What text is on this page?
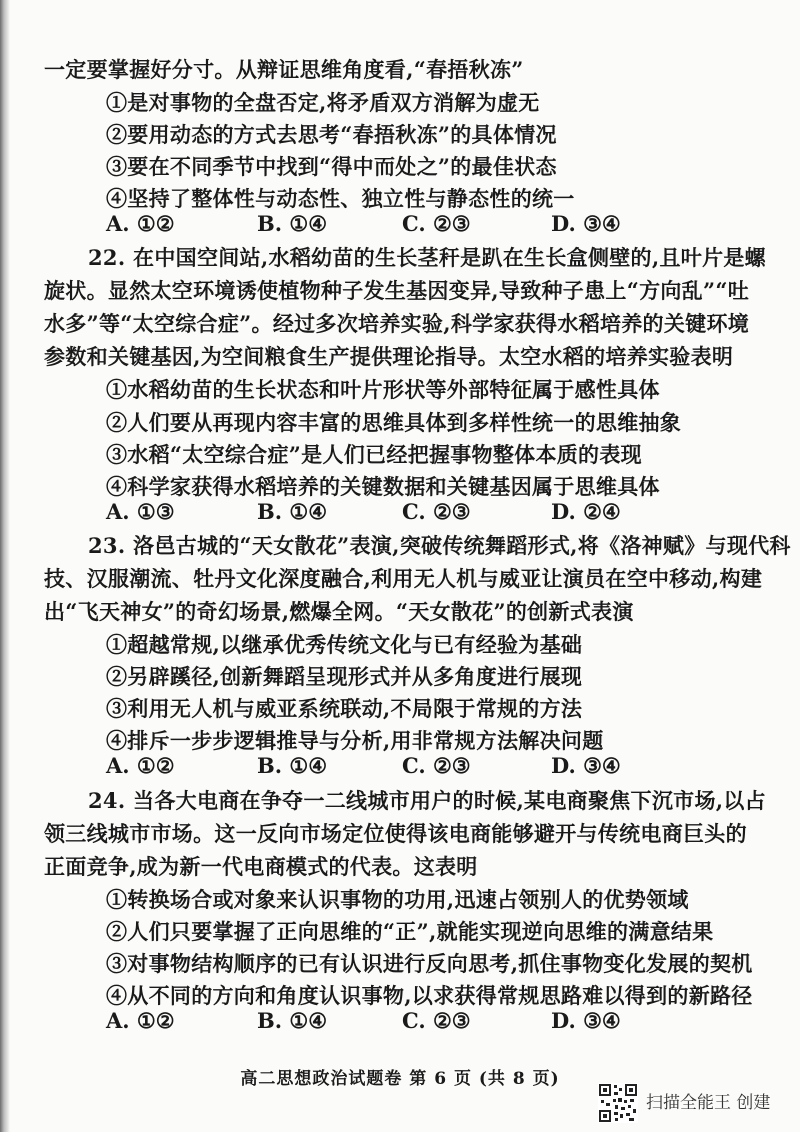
一定要掌握好分寸。从辩证思维角度看,“春捂秋冻”
①是对事物的全盘否定,将矛盾双方消解为虚无
②要用动态的方式去思考“春捂秋冻”的具体情况
③要在不同季节中找到“得中而处之”的最佳状态
④坚持了整体性与动态性、独立性与静态性的统一
A. ①②	B. ①④	C. ②③	D. ③④
22. 在中国空间站,水稻幼苗的生长茎秆是趴在生长盒侧壁的,且叶片是螺
旋状。显然太空环境诱使植物种子发生基因变异,导致种子患上“方向乱”“吐
水多”等“太空综合症”。经过多次培养实验,科学家获得水稻培养的关键环境
参数和关键基因,为空间粮食生产提供理论指导。太空水稻的培养实验表明
①水稻幼苗的生长状态和叶片形状等外部特征属于感性具体
②人们要从再现内容丰富的思维具体到多样性统一的思维抽象
③水稻“太空综合症”是人们已经把握事物整体本质的表现
④科学家获得水稻培养的关键数据和关键基因属于思维具体
A. ①③	B. ①④	C. ②③	D. ②④
23. 洛邑古城的“天女散花”表演,突破传统舞蹈形式,将《洛神赋》与现代科
技、汉服潮流、牡丹文化深度融合,利用无人机与威亚让演员在空中移动,构建
出“飞天神女”的奇幻场景,燃爆全网。“天女散花”的创新式表演
①超越常规,以继承优秀传统文化与已有经验为基础
②另辟蹊径,创新舞蹈呈现形式并从多角度进行展现
③利用无人机与威亚系统联动,不局限于常规的方法
④排斥一步步逻辑推导与分析,用非常规方法解决问题
A. ①②	B. ①④	C. ②③	D. ③④
24. 当各大电商在争夺一二线城市用户的时候,某电商聚焦下沉市场,以占
领三线城市市场。这一反向市场定位使得该电商能够避开与传统电商巨头的
正面竞争,成为新一代电商模式的代表。这表明
①转换场合或对象来认识事物的功用,迅速占领别人的优势领域
②人们只要掌握了正向思维的“正”,就能实现逆向思维的满意结果
③对事物结构顺序的已有认识进行反向思考,抓住事物变化发展的契机
④从不同的方向和角度认识事物,以求获得常规思路难以得到的新路径
A. ①②	B. ①④	C. ②③	D. ③④
高二思想政治试题卷 第 6 页 (共 8 页)
扫描全能王 创建
